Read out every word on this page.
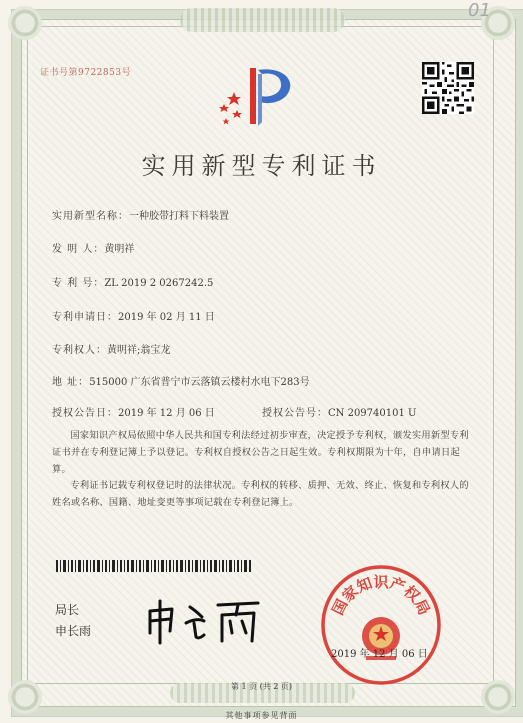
01
证书号第9722853号
实用新型专利证书
实用新型名称：一种胶带打料下料装置
发 明 人：黄明祥
专 利 号：ZL 2019 2 0267242.5
专利申请日：2019 年 02 月 11 日
专利权人：黄明祥;翁宝龙
地 址：515000 广东省普宁市云落镇云楼村水电下283号
授权公告日：2019 年 12 月 06 日	授权公告号：CN 209740101 U
国家知识产权局依照中华人民共和国专利法经过初步审查，决定授予专利权，颁发实用新型专利证书并在专利登记簿上予以登记。专利权自授权公告之日起生效。专利权期限为十年，自申请日起算。
专利证书记载专利权登记时的法律状况。专利权的转移、质押、无效、终止、恢复和专利权人的姓名或名称、国籍、地址变更等事项记载在专利登记簿上。
局长
申长雨
国家知识产权局
2019 年 12 月 06 日
第 1 页 (共 2 页)
其他事项参见背面
